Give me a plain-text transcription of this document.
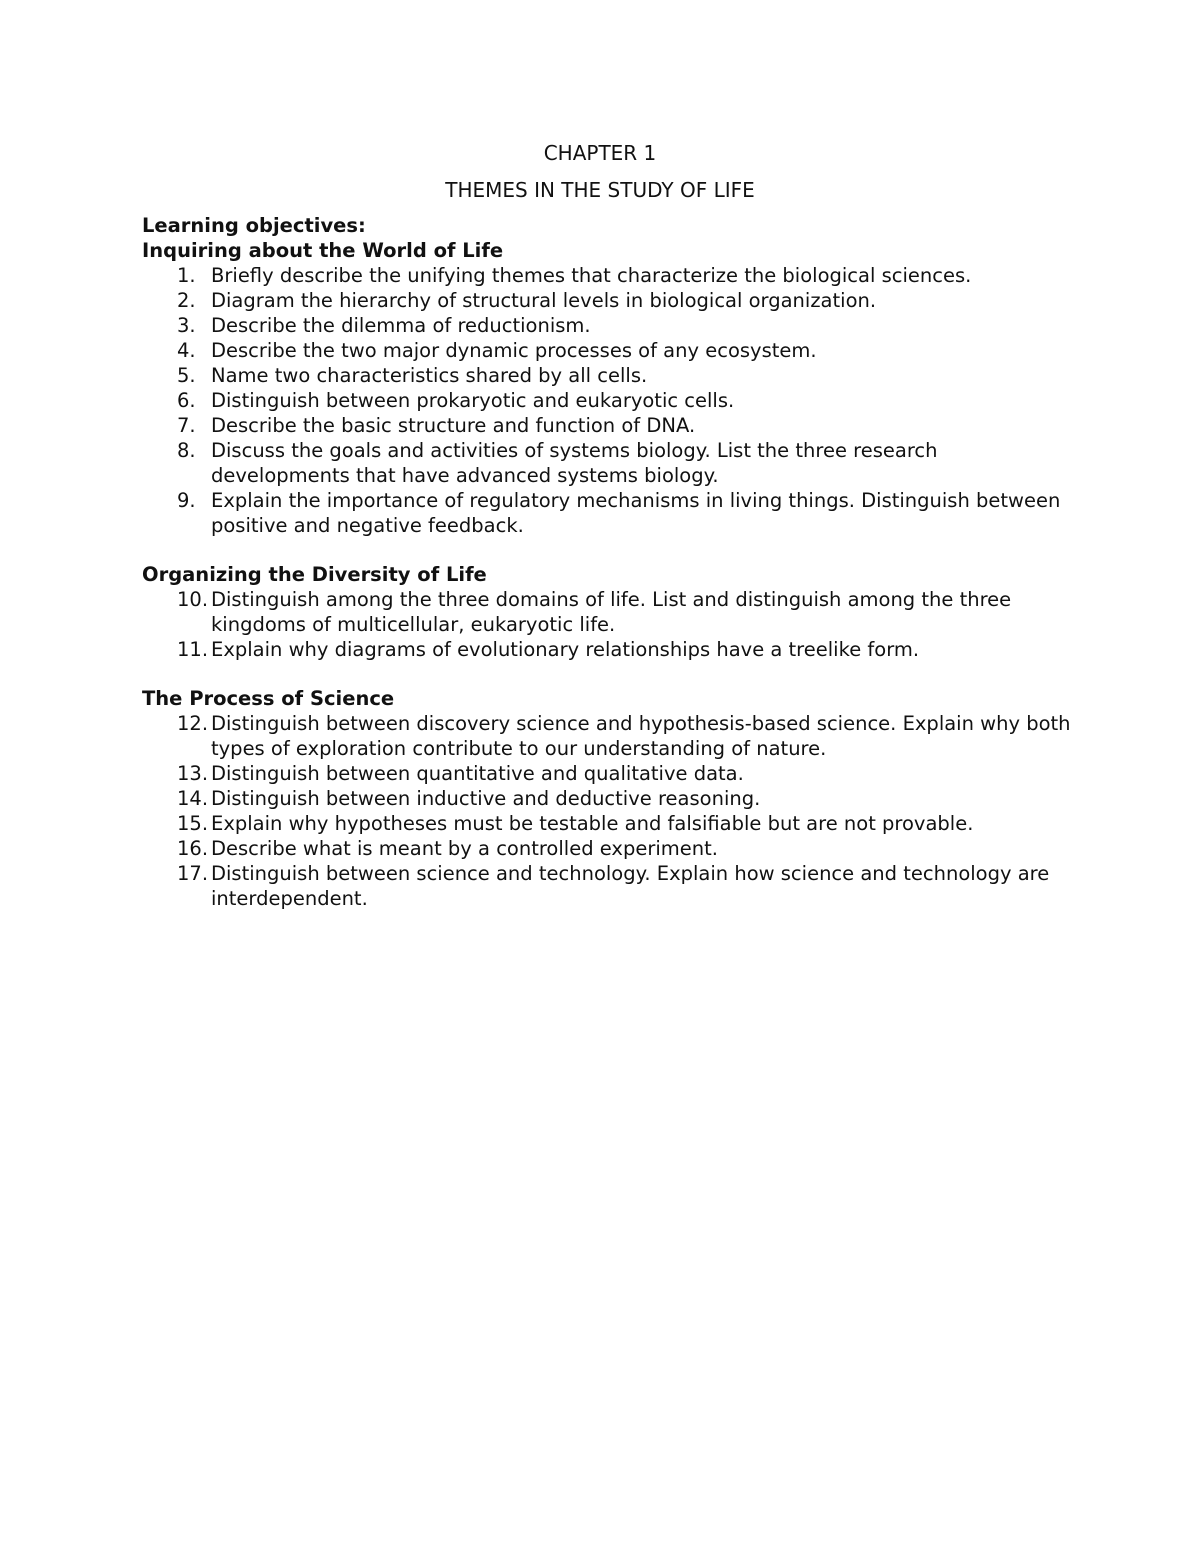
CHAPTER 1
THEMES IN THE STUDY OF LIFE

Learning objectives:

Inquiring about the World of Life

1. Briefly describe the unifying themes that characterize the biological sciences.
2. Diagram the hierarchy of structural levels in biological organization.
3. Describe the dilemma of reductionism.
4. Describe the two major dynamic processes of any ecosystem.
5. Name two characteristics shared by all cells.
6. Distinguish between prokaryotic and eukaryotic cells.
7. Describe the basic structure and function of DNA.
8. Discuss the goals and activities of systems biology. List the three research developments that have advanced systems biology.
9. Explain the importance of regulatory mechanisms in living things. Distinguish between positive and negative feedback.

Organizing the Diversity of Life

10. Distinguish among the three domains of life. List and distinguish among the three kingdoms of multicellular, eukaryotic life.
11. Explain why diagrams of evolutionary relationships have a treelike form.

The Process of Science

12. Distinguish between discovery science and hypothesis-based science. Explain why both types of exploration contribute to our understanding of nature.
13. Distinguish between quantitative and qualitative data.
14. Distinguish between inductive and deductive reasoning.
15. Explain why hypotheses must be testable and falsifiable but are not provable.
16. Describe what is meant by a controlled experiment.
17. Distinguish between science and technology. Explain how science and technology are interdependent.
